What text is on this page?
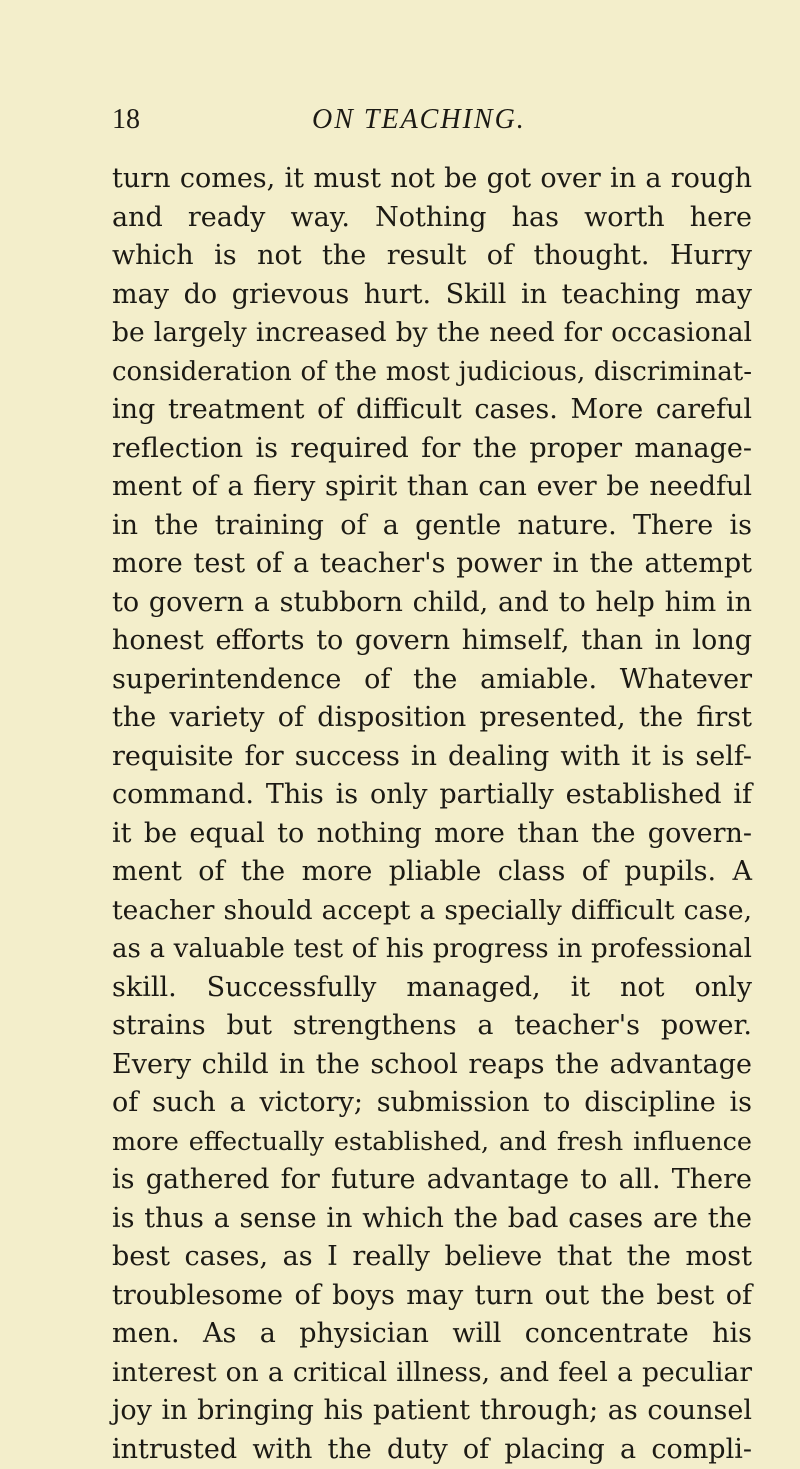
18	ON TEACHING.
turn comes, it must not be got over in a rough
and ready way. Nothing has worth here
which is not the result of thought. Hurry
may do grievous hurt. Skill in teaching may
be largely increased by the need for occasional
consideration of the most judicious, discriminat-
ing treatment of difficult cases. More careful
reflection is required for the proper manage-
ment of a fiery spirit than can ever be needful
in the training of a gentle nature. There is
more test of a teacher's power in the attempt
to govern a stubborn child, and to help him in
honest efforts to govern himself, than in long
superintendence of the amiable. Whatever
the variety of disposition presented, the first
requisite for success in dealing with it is self-
command. This is only partially established if
it be equal to nothing more than the govern-
ment of the more pliable class of pupils. A
teacher should accept a specially difficult case,
as a valuable test of his progress in professional
skill. Successfully managed, it not only
strains but strengthens a teacher's power.
Every child in the school reaps the advantage
of such a victory; submission to discipline is
more effectually established, and fresh influence
is gathered for future advantage to all. There
is thus a sense in which the bad cases are the
best cases, as I really believe that the most
troublesome of boys may turn out the best of
men. As a physician will concentrate his
interest on a critical illness, and feel a peculiar
joy in bringing his patient through; as counsel
intrusted with the duty of placing a compli-
